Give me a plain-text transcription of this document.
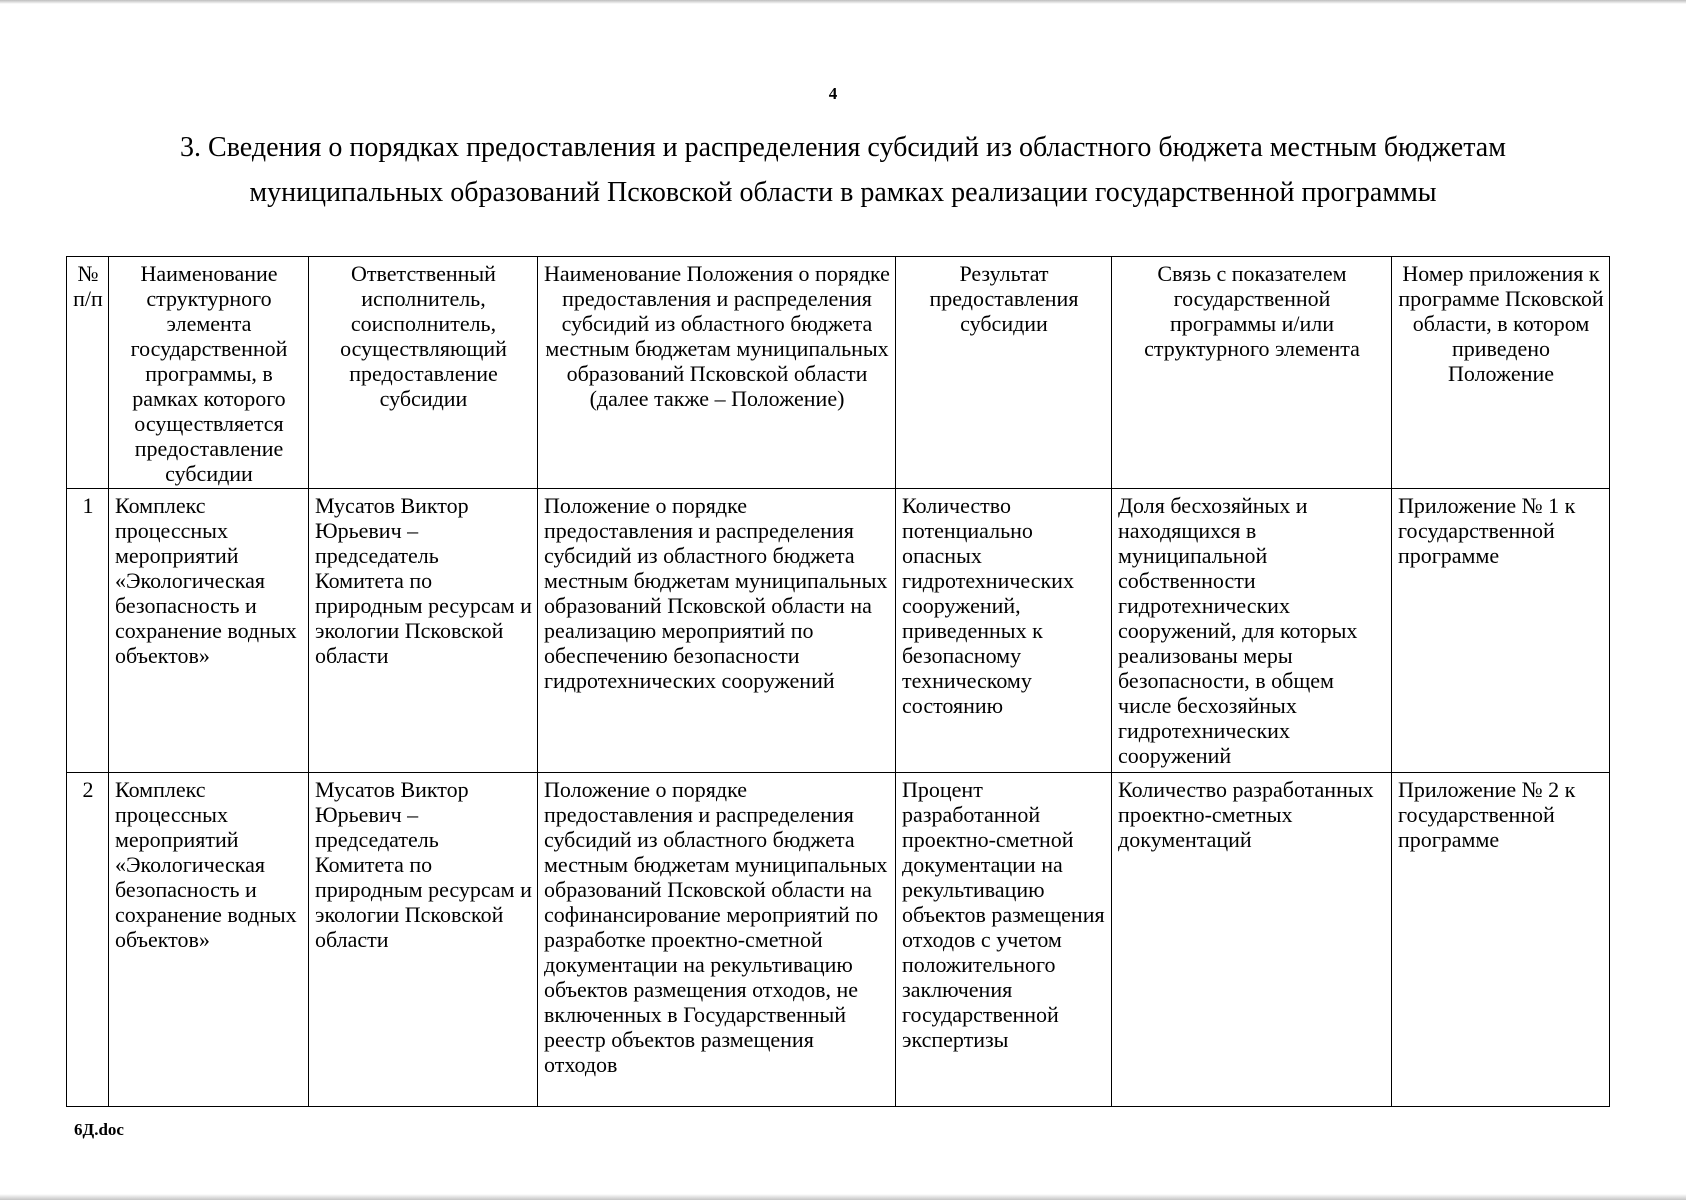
4
3. Сведения о порядках предоставления и распределения субсидий из областного бюджета местным бюджетам
муниципальных образований Псковской области в рамках реализации государственной программы
№ п/п	Наименование структурного элемента государственной программы, в рамках которого осуществляется предоставление субсидии	Ответственный исполнитель, соисполнитель, осуществляющий предоставление субсидии	Наименование Положения о порядке предоставления и распределения субсидий из областного бюджета местным бюджетам муниципальных образований Псковской области (далее также – Положение)	Результат предоставления субсидии	Связь с показателем государственной программы и/или структурного элемента	Номер приложения к программе Псковской области, в котором приведено Положение
1	Комплекс процессных мероприятий «Экологическая безопасность и сохранение водных объектов»	Мусатов Виктор Юрьевич – председатель Комитета по природным ресурсам и экологии Псковской области	Положение о порядке предоставления и распределения субсидий из областного бюджета местным бюджетам муниципальных образований Псковской области на реализацию мероприятий по обеспечению безопасности гидротехнических сооружений	Количество потенциально опасных гидротехнических сооружений, приведенных к безопасному техническому состоянию	Доля бесхозяйных и находящихся в муниципальной собственности гидротехнических сооружений, для которых реализованы меры безопасности, в общем числе бесхозяйных гидротехнических сооружений	Приложение № 1 к государственной программе
2	Комплекс процессных мероприятий «Экологическая безопасность и сохранение водных объектов»	Мусатов Виктор Юрьевич – председатель Комитета по природным ресурсам и экологии Псковской области	Положение о порядке предоставления и распределения субсидий из областного бюджета местным бюджетам муниципальных образований Псковской области на софинансирование мероприятий по разработке проектно-сметной документации на рекультивацию объектов размещения отходов, не включенных в Государственный реестр объектов размещения отходов	Процент разработанной проектно-сметной документации на рекультивацию объектов размещения отходов с учетом положительного заключения государственной экспертизы	Количество разработанных проектно-сметных документаций	Приложение № 2 к государственной программе
6Д.doc
